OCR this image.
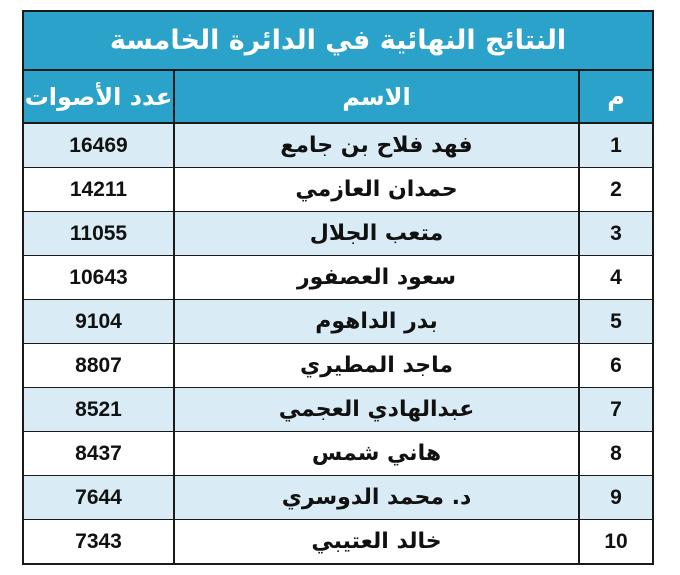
النتائج النهائية في الدائرة الخامسة
م	الاسم	عدد الأصوات
1	فهد فلاح بن جامع	16469
2	حمدان العازمي	14211
3	متعب الجلال	11055
4	سعود العصفور	10643
5	بدر الداهوم	9104
6	ماجد المطيري	8807
7	عبدالهادي العجمي	8521
8	هاني شمس	8437
9	د. محمد الدوسري	7644
10	خالد العتيبي	7343
